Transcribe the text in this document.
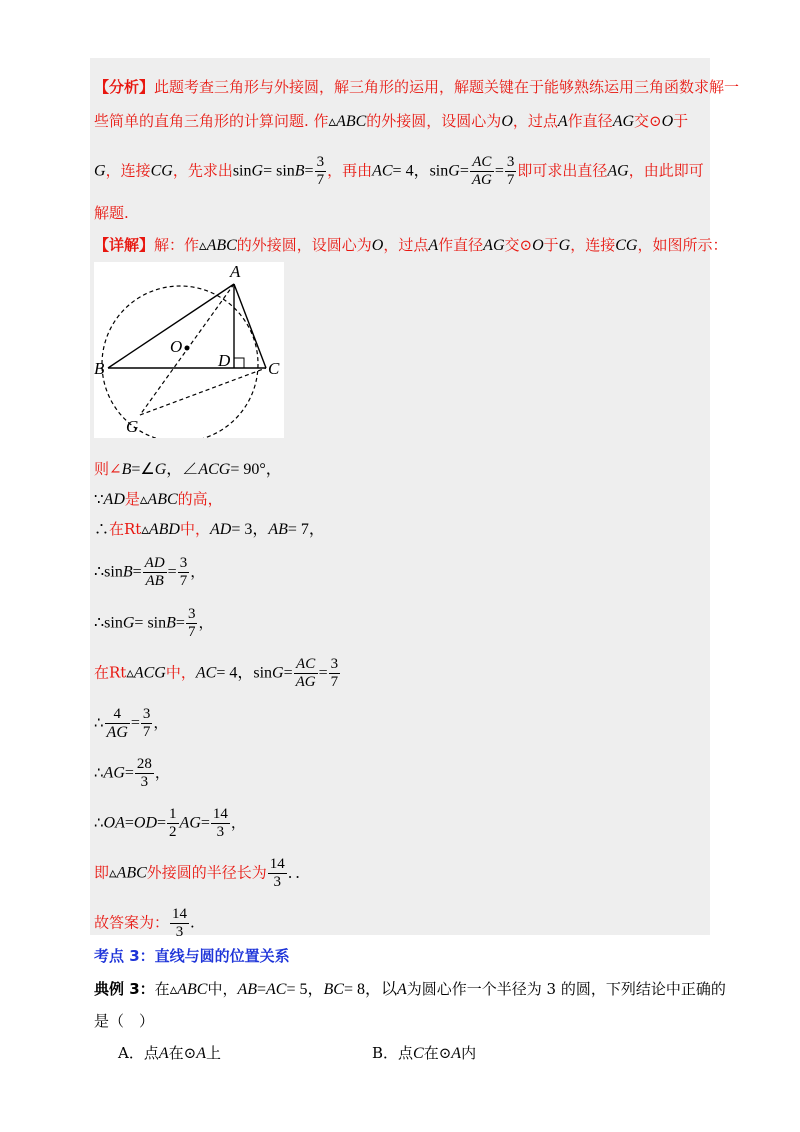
【分析】此题考查三角形与外接圆，解三角形的运用，解题关键在于能够熟练运用三角函数求解一
些简单的直角三角形的计算问题. 作▵ABC的外接圆，设圆心为O，过点A作直径AG交⊙O于
G，连接CG，先求出$\sin G= \sin B= \frac{3}{7}$ ，再由AC= 4，$\sin G= \frac{AC}{AG} = \frac{3}{7}$ 即可求出直径AG，由此即可
解题.
【详解】解：作▵ABC的外接圆，设圆心为O，过点A作直径AG交⊙O于G，连接CG，如图所示：
A
B	C
D
O
G
则∠B=∠G，∠ACG= 90°，
∵AD是▵ABC的高，
∴在Rt▵ABD中，AD= 3，AB= 7，
∴sinB= $\frac{AD}{AB} = \frac{3}{7}$ ，
∴sinG= $\sin B= \frac{3}{7}$ ，
在Rt▵ACG中，AC= 4，$\sin G= \frac{AC}{AG} = \frac{3}{7}$
∴ $\frac{4}{AG} = \frac{3}{7}$ ，
∴AG= $\frac{28}{3}$ ，
∴OA=OD= $\frac{1}{2} AG= \frac{14}{3}$ ，
即▵ABC外接圆的半径长为 $\frac{14}{3}$ ．．
故答案为： $\frac{14}{3}$ .
考点 3：直线与圆的位置关系
典例 3：在▵ABC中，AB=AC= 5，BC= 8，以A为圆心作一个半径为 3 的圆，下列结论中正确的
是（　）
A．点A在⊙A上	B．点C在⊙A内
